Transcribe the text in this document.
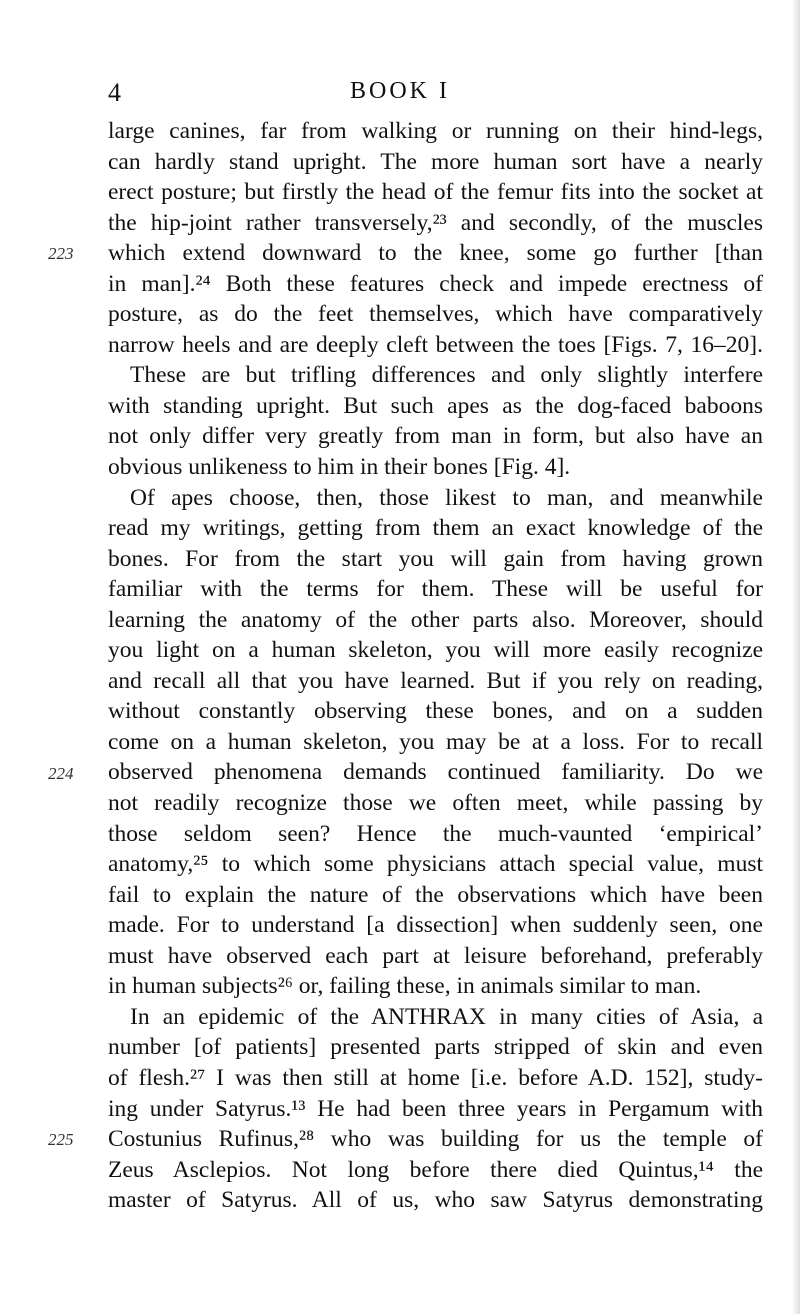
4	BOOK I
large canines, far from walking or running on their hind-legs,
can hardly stand upright. The more human sort have a nearly
erect posture; but firstly the head of the femur fits into the socket at
the hip-joint rather transversely,²³ and secondly, of the muscles
which extend downward to the knee, some go further [than
in man].²⁴ Both these features check and impede erectness of
posture, as do the feet themselves, which have comparatively
narrow heels and are deeply cleft between the toes [Figs. 7, 16–20].
These are but trifling differences and only slightly interfere
with standing upright. But such apes as the dog-faced baboons
not only differ very greatly from man in form, but also have an
obvious unlikeness to him in their bones [Fig. 4].
Of apes choose, then, those likest to man, and meanwhile
read my writings, getting from them an exact knowledge of the
bones. For from the start you will gain from having grown
familiar with the terms for them. These will be useful for
learning the anatomy of the other parts also. Moreover, should
you light on a human skeleton, you will more easily recognize
and recall all that you have learned. But if you rely on reading,
without constantly observing these bones, and on a sudden
come on a human skeleton, you may be at a loss. For to recall
observed phenomena demands continued familiarity. Do we
not readily recognize those we often meet, while passing by
those seldom seen? Hence the much-vaunted ‘empirical’
anatomy,²⁵ to which some physicians attach special value, must
fail to explain the nature of the observations which have been
made. For to understand [a dissection] when suddenly seen, one
must have observed each part at leisure beforehand, preferably
in human subjects²⁶ or, failing these, in animals similar to man.
In an epidemic of the ANTHRAX in many cities of Asia, a
number [of patients] presented parts stripped of skin and even
of flesh.²⁷ I was then still at home [i.e. before A.D. 152], study-
ing under Satyrus.¹³ He had been three years in Pergamum with
Costunius Rufinus,²⁸ who was building for us the temple of
Zeus Asclepios. Not long before there died Quintus,¹⁴ the
master of Satyrus. All of us, who saw Satyrus demonstrating
223
224
225
